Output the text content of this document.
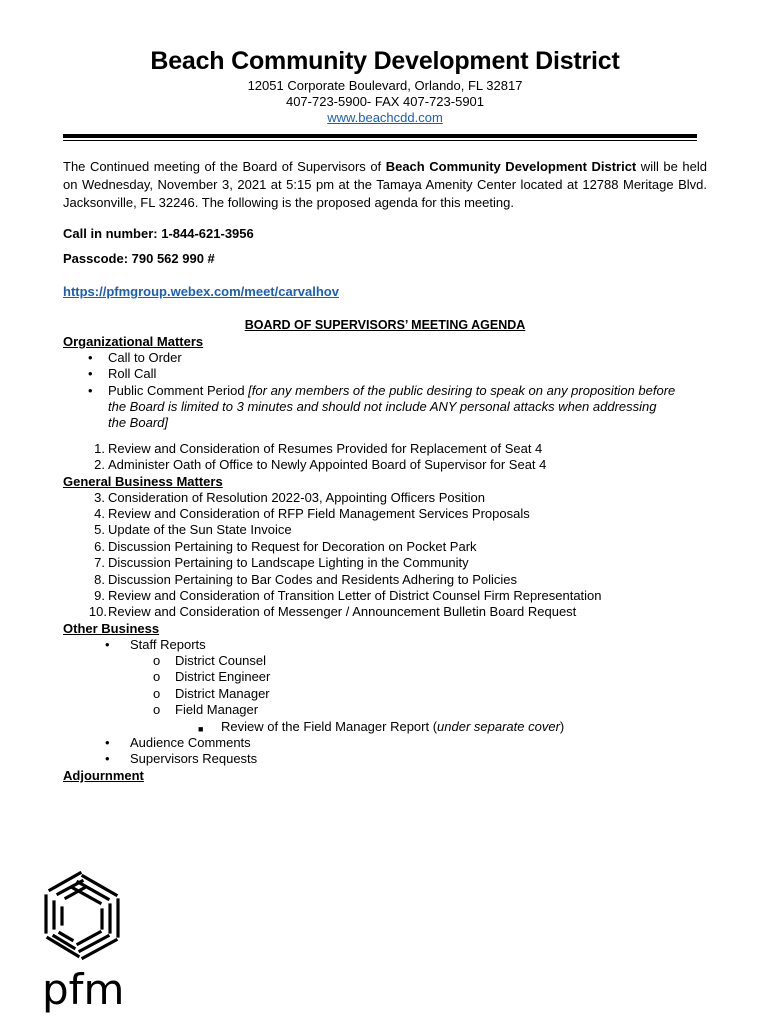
Beach Community Development District
12051 Corporate Boulevard, Orlando, FL 32817
407-723-5900- FAX 407-723-5901
www.beachcdd.com

The Continued meeting of the Board of Supervisors of Beach Community Development District will be held on Wednesday, November 3, 2021 at 5:15 pm at the Tamaya Amenity Center located at 12788 Meritage Blvd. Jacksonville, FL 32246. The following is the proposed agenda for this meeting.

Call in number: 1-844-621-3956
Passcode: 790 562 990 #
https://pfmgroup.webex.com/meet/carvalhov
BOARD OF SUPERVISORS’ MEETING AGENDA
Organizational Matters
• Call to Order
• Roll Call
• Public Comment Period [for any members of the public desiring to speak on any proposition before the Board is limited to 3 minutes and should not include ANY personal attacks when addressing the Board]
1. Review and Consideration of Resumes Provided for Replacement of Seat 4
2. Administer Oath of Office to Newly Appointed Board of Supervisor for Seat 4
General Business Matters
3. Consideration of Resolution 2022-03, Appointing Officers Position
4. Review and Consideration of RFP Field Management Services Proposals
5. Update of the Sun State Invoice
6. Discussion Pertaining to Request for Decoration on Pocket Park
7. Discussion Pertaining to Landscape Lighting in the Community
8. Discussion Pertaining to Bar Codes and Residents Adhering to Policies
9. Review and Consideration of Transition Letter of District Counsel Firm Representation
10. Review and Consideration of Messenger / Announcement Bulletin Board Request
Other Business
• Staff Reports
o District Counsel
o District Engineer
o District Manager
o Field Manager
■ Review of the Field Manager Report (under separate cover)
• Audience Comments
• Supervisors Requests
Adjournment
pfm
